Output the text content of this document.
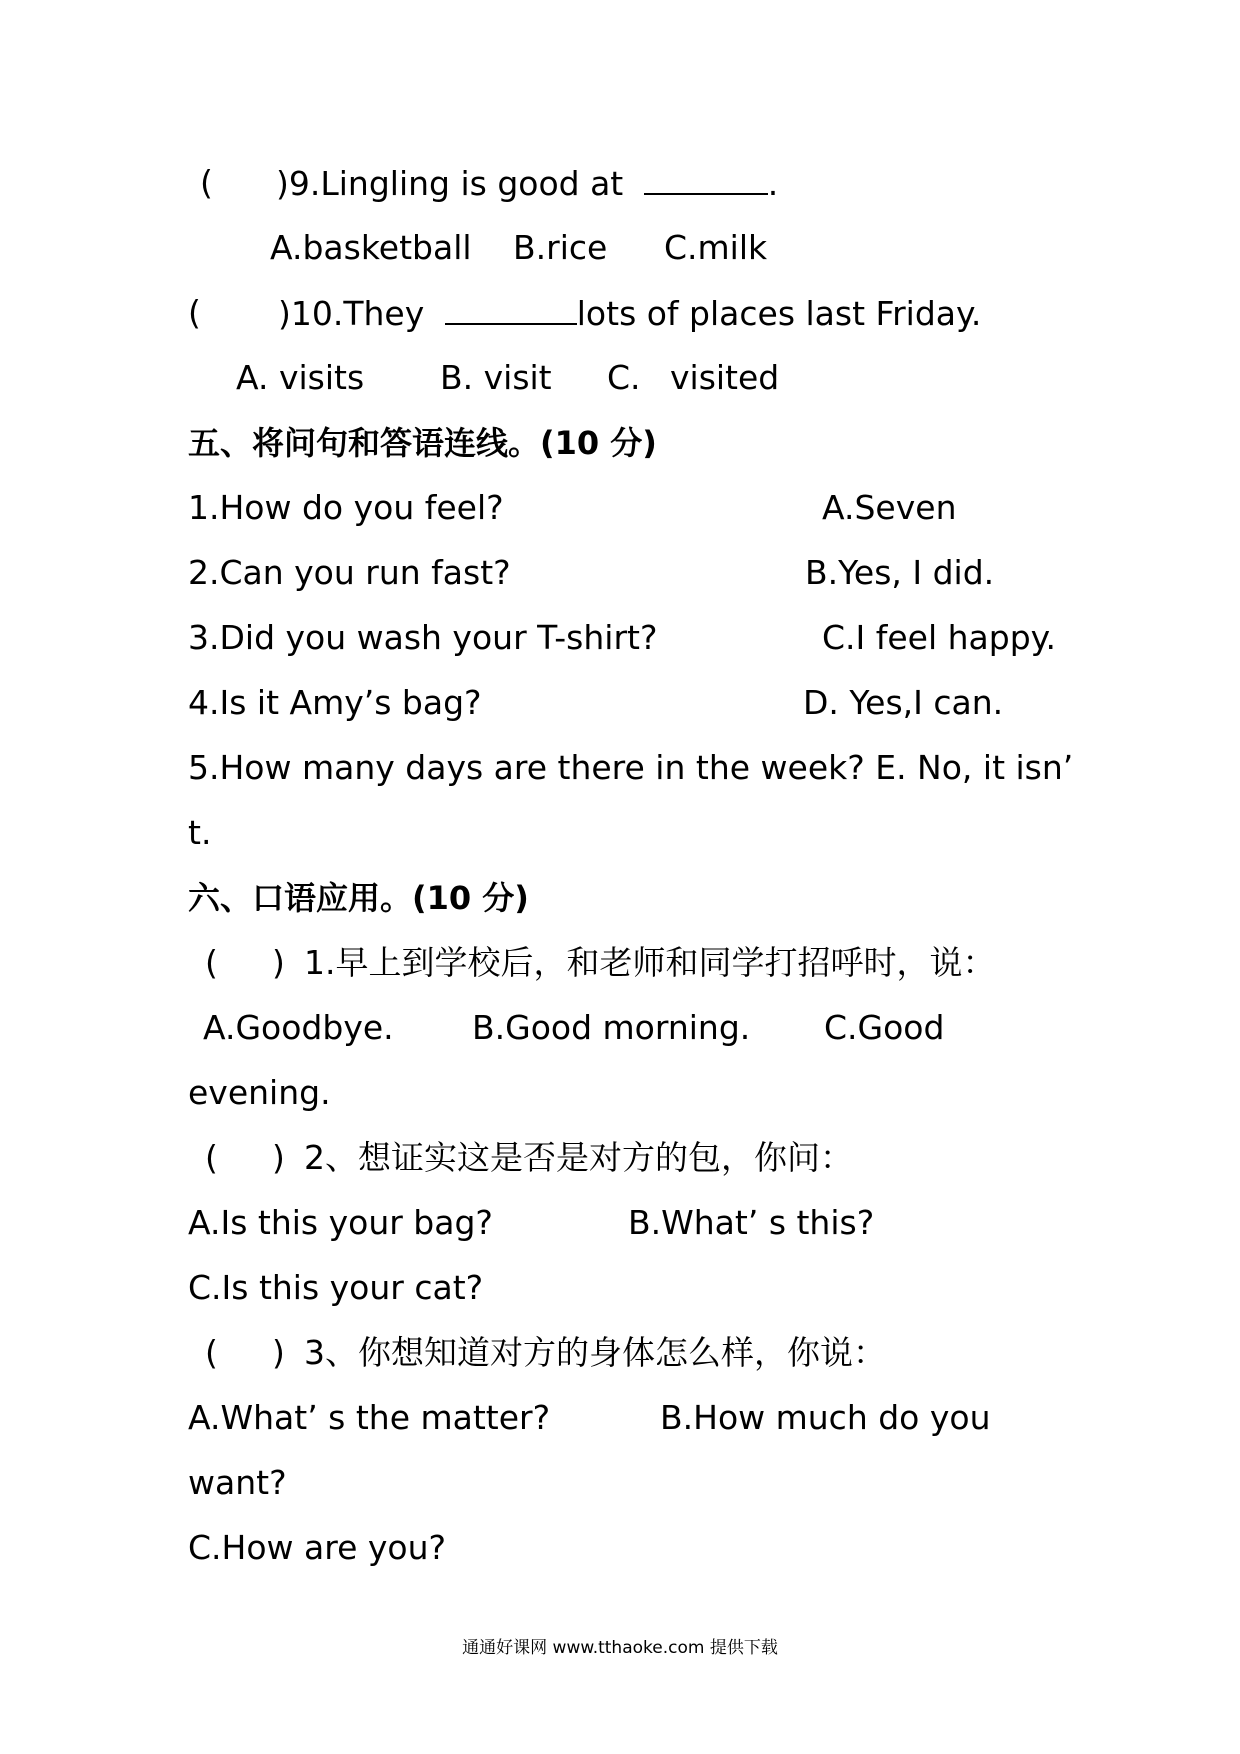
( )9.Lingling is good at	.
A.basketball B.rice C.milk
( )10.They	lots of places last Friday.
A. visits B. visit C. visited
五、将问句和答语连线。(10 分)
1.How do you feel?	A.Seven
2.Can you run fast?	B.Yes, I did.
3.Did you wash your T-shirt?	C.I feel happy.
4.Is it Amy’s bag?	D. Yes,I can.
5.How many days are there in the week? E. No, it isn’
t.
六、口语应用。(10 分)
( ) 1.早上到学校后，和老师和同学打招呼时，说：
A.Goodbye. B.Good morning. C.Good
evening.
( ) 2、想证实这是否是对方的包，你问：
A.Is this your bag?	B.What’ s this?
C.Is this your cat?
( ) 3、你想知道对方的身体怎么样，你说：
A.What’ s the matter?	B.How much do you
want?
C.How are you?
通通好课网 www.tthaoke.com 提供下载
